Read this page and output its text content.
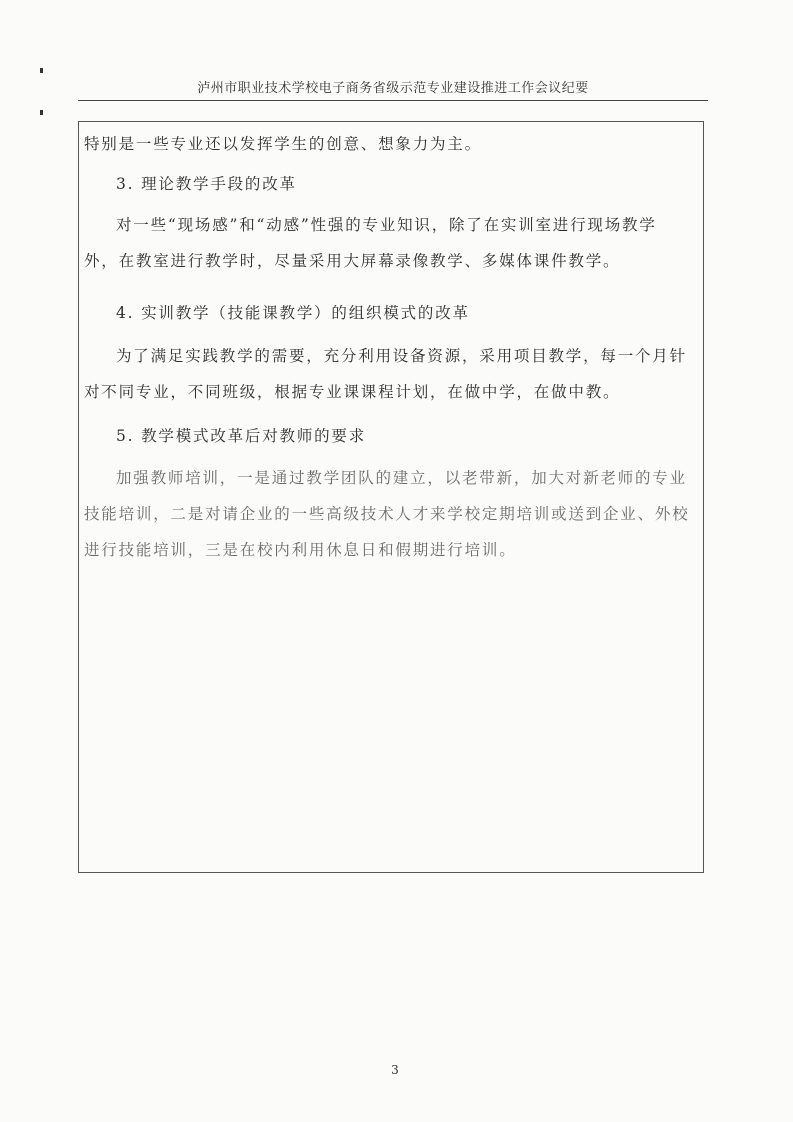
泸州市职业技术学校电子商务省级示范专业建设推进工作会议纪要
特别是一些专业还以发挥学生的创意、想象力为主。
3. 理论教学手段的改革
对一些“现场感”和“动感”性强的专业知识，除了在实训室进行现场教学外，在教室进行教学时，尽量采用大屏幕录像教学、多媒体课件教学。
4. 实训教学（技能课教学）的组织模式的改革
为了满足实践教学的需要，充分利用设备资源，采用项目教学，每一个月针对不同专业，不同班级，根据专业课课程计划，在做中学，在做中教。
5. 教学模式改革后对教师的要求
加强教师培训，一是通过教学团队的建立，以老带新，加大对新老师的专业技能培训，二是对请企业的一些高级技术人才来学校定期培训或送到企业、外校进行技能培训，三是在校内利用休息日和假期进行培训。
3
